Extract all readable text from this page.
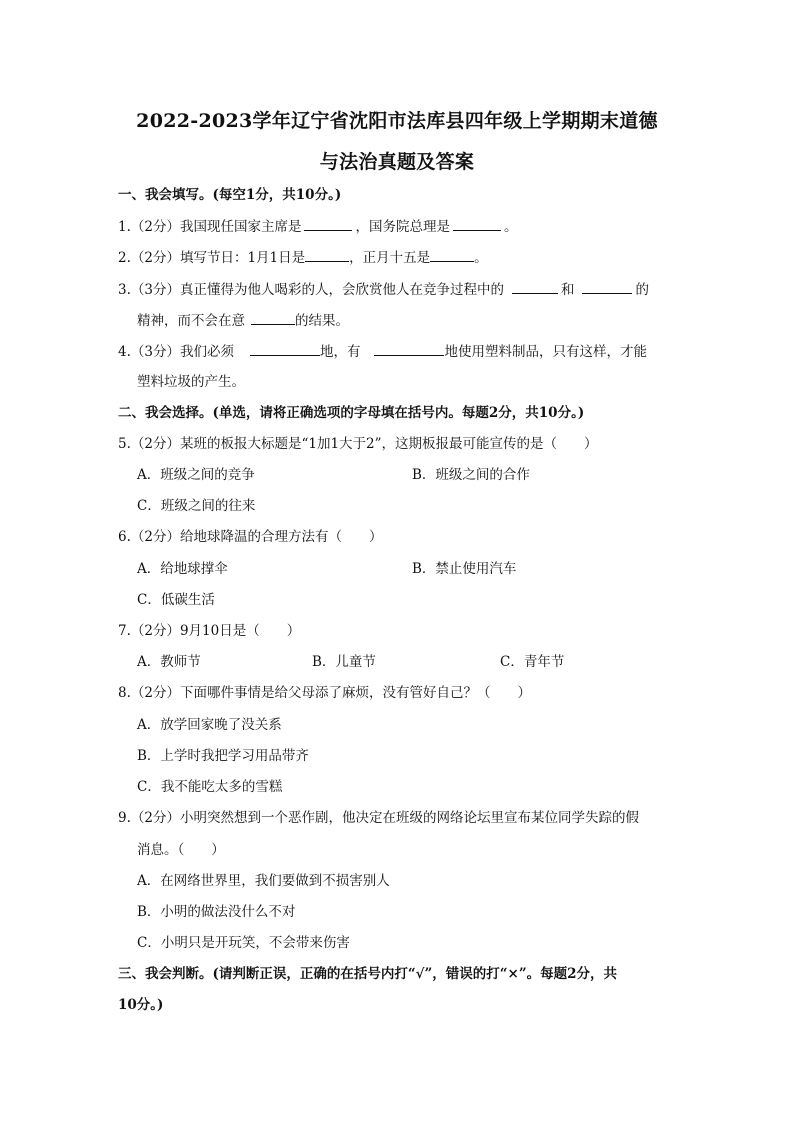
2022-2023学年辽宁省沈阳市法库县四年级上学期期末道德
与法治真题及答案
一、我会填写。(每空1分，共10分。)
1.（2分）我国现任国家主席是	，国务院总理是	。
2.（2分）填写节日：1月1日是	，正月十五是	。
3.（3分）真正懂得为他人喝彩的人，会欣赏他人在竞争过程中的	和	的
精神，而不会在意	的结果。
4.（3分）我们必须	地，有	地使用塑料制品，只有这样，才能
塑料垃圾的产生。
二、我会选择。(单选，请将正确选项的字母填在括号内。每题2分，共10分。)
5.（2分）某班的板报大标题是“1加1大于2”，这期板报最可能宣传的是（　　）
A．班级之间的竞争	B．班级之间的合作
C．班级之间的往来
6.（2分）给地球降温的合理方法有（　　）
A．给地球撑伞	B．禁止使用汽车
C．低碳生活
7.（2分）9月10日是（　　）
A．教师节	B．儿童节	C．青年节
8.（2分）下面哪件事情是给父母添了麻烦，没有管好自己？（　　）
A．放学回家晚了没关系
B．上学时我把学习用品带齐
C．我不能吃太多的雪糕
9.（2分）小明突然想到一个恶作剧，他决定在班级的网络论坛里宣布某位同学失踪的假
消息。（　　）
A．在网络世界里，我们要做到不损害别人
B．小明的做法没什么不对
C．小明只是开玩笑，不会带来伤害
三、我会判断。(请判断正误，正确的在括号内打“√”，错误的打“×”。每题2分，共
10分。)
